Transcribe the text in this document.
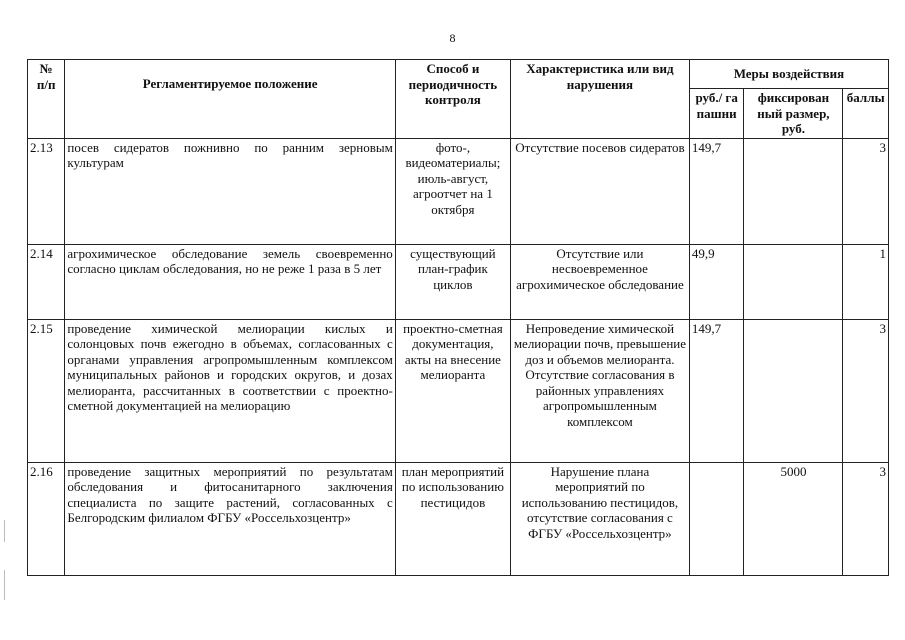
8
№
п/п	Регламентируемое положение	Способ и периодичность контроля	Характеристика или вид нарушения	Меры воздействия		
				руб./ га пашни	фиксирован ный размер, руб.	баллы
2.13	посев сидератов пожнивно по ранним зерновым культурам	фото-, видеоматериалы; июль-август, агроотчет на 1 октября	Отсутствие посевов сидератов	149,7		3
2.14	агрохимическое обследование земель своевременно согласно циклам обследования, но не реже 1 раза в 5 лет	существующий план-график циклов	Отсутствие или несвоевременное агрохимическое обследование	49,9		1
2.15	проведение химической мелиорации кислых и солонцовых почв ежегодно в объемах, согласованных с органами управления агропромышленным комплексом муниципальных районов и городских округов, и дозах мелиоранта, рассчитанных в соответствии с проектно-сметной документацией на мелиорацию	проектно-сметная документация, акты на внесение мелиоранта	Непроведение химической мелиорации почв, превышение доз и объемов мелиоранта. Отсутствие согласования в районных управлениях агропромышленным комплексом	149,7		3
2.16	проведение защитных мероприятий по результатам обследования и фитосанитарного заключения специалиста по защите растений, согласованных с Белгородским филиалом ФГБУ «Россельхозцентр»	план мероприятий по использованию пестицидов	Нарушение плана мероприятий по использованию пестицидов, отсутствие согласования с ФГБУ «Россельхозцентр»		5000	3
